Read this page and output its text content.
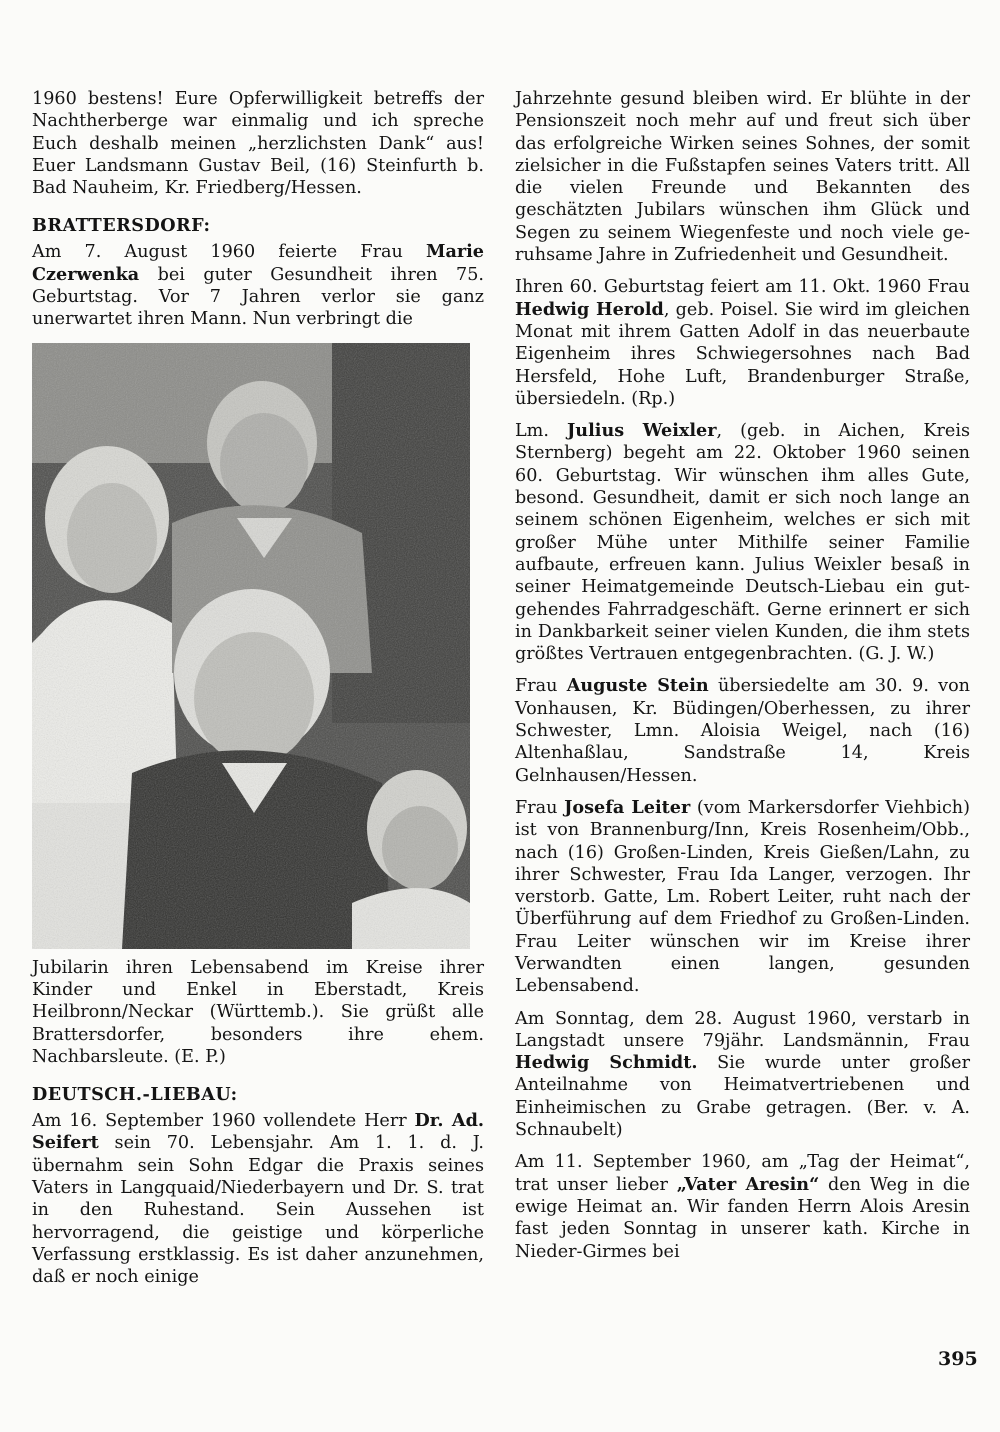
1960 bestens! Eure Opferwilligkeit betreffs der Nachtherberge war einmalig und ich spreche Euch deshalb meinen „herzlichsten Dank“ aus! Euer Landsmann Gustav Beil, (16) Steinfurth b. Bad Nauheim, Kr. Friedberg/Hessen.

BRATTERSDORF:

Am 7. August 1960 feierte Frau Marie Czerwenka bei guter Gesundheit ihren 75. Geburtstag. Vor 7 Jahren verlor sie ganz unerwartet ihren Mann. Nun verbringt die

Jubilarin ihren Lebensabend im Kreise ihrer Kinder und Enkel in Eberstadt, Kreis Heilbronn/Neckar (Württemb.). Sie grüßt alle Brattersdorfer, besonders ihre ehem. Nachbarsleute. (E. P.)

DEUTSCH.-LIEBAU:

Am 16. September 1960 vollendete Herr Dr. Ad. Seifert sein 70. Lebensjahr. Am 1. 1. d. J. übernahm sein Sohn Edgar die Praxis seines Vaters in Langquaid/Niederbayern und Dr. S. trat in den Ruhestand. Sein Aussehen ist hervorragend, die geistige und körperliche Verfassung erstklassig. Es ist daher anzunehmen, daß er noch einige

Jahrzehnte gesund bleiben wird. Er blühte in der Pensionszeit noch mehr auf und freut sich über das erfolgreiche Wirken seines Sohnes, der somit zielsicher in die Fußstapfen seines Vaters tritt. All die vielen Freunde und Bekannten des geschätzten Jubilars wünschen ihm Glück und Segen zu seinem Wiegenfeste und noch viele geruhsame Jahre in Zufriedenheit und Gesundheit.

Ihren 60. Geburtstag feiert am 11. Okt. 1960 Frau Hedwig Herold, geb. Poisel. Sie wird im gleichen Monat mit ihrem Gatten Adolf in das neuerbaute Eigenheim ihres Schwiegersohnes nach Bad Hersfeld, Hohe Luft, Brandenburger Straße, übersiedeln. (Rp.)

Lm. Julius Weixler, (geb. in Aichen, Kreis Sternberg) begeht am 22. Oktober 1960 seinen 60. Geburtstag. Wir wünschen ihm alles Gute, besond. Gesundheit, damit er sich noch lange an seinem schönen Eigenheim, welches er sich mit großer Mühe unter Mithilfe seiner Familie aufbaute, erfreuen kann. Julius Weixler besaß in seiner Heimatgemeinde Deutsch-Liebau ein gutgehendes Fahrradgeschäft. Gerne erinnert er sich in Dankbarkeit seiner vielen Kunden, die ihm stets größtes Vertrauen entgegenbrachten. (G. J. W.)

Frau Auguste Stein übersiedelte am 30. 9. von Vonhausen, Kr. Büdingen/Oberhessen, zu ihrer Schwester, Lmn. Aloisia Weigel, nach (16) Altenhaßlau, Sandstraße 14, Kreis Gelnhausen/Hessen.

Frau Josefa Leiter (vom Markersdorfer Viehbich) ist von Brannenburg/Inn, Kreis Rosenheim/Obb., nach (16) Großen-Linden, Kreis Gießen/Lahn, zu ihrer Schwester, Frau Ida Langer, verzogen. Ihr verstorb. Gatte, Lm. Robert Leiter, ruht nach der Überführung auf dem Friedhof zu Großen-Linden. Frau Leiter wünschen wir im Kreise ihrer Verwandten einen langen, gesunden Lebensabend.

Am Sonntag, dem 28. August 1960, verstarb in Langstadt unsere 79jähr. Landsmännin, Frau Hedwig Schmidt. Sie wurde unter großer Anteilnahme von Heimatvertriebenen und Einheimischen zu Grabe getragen. (Ber. v. A. Schnaubelt)

Am 11. September 1960, am „Tag der Heimat“, trat unser lieber „Vater Aresin“ den Weg in die ewige Heimat an. Wir fanden Herrn Alois Aresin fast jeden Sonntag in unserer kath. Kirche in Nieder-Girmes bei

395
